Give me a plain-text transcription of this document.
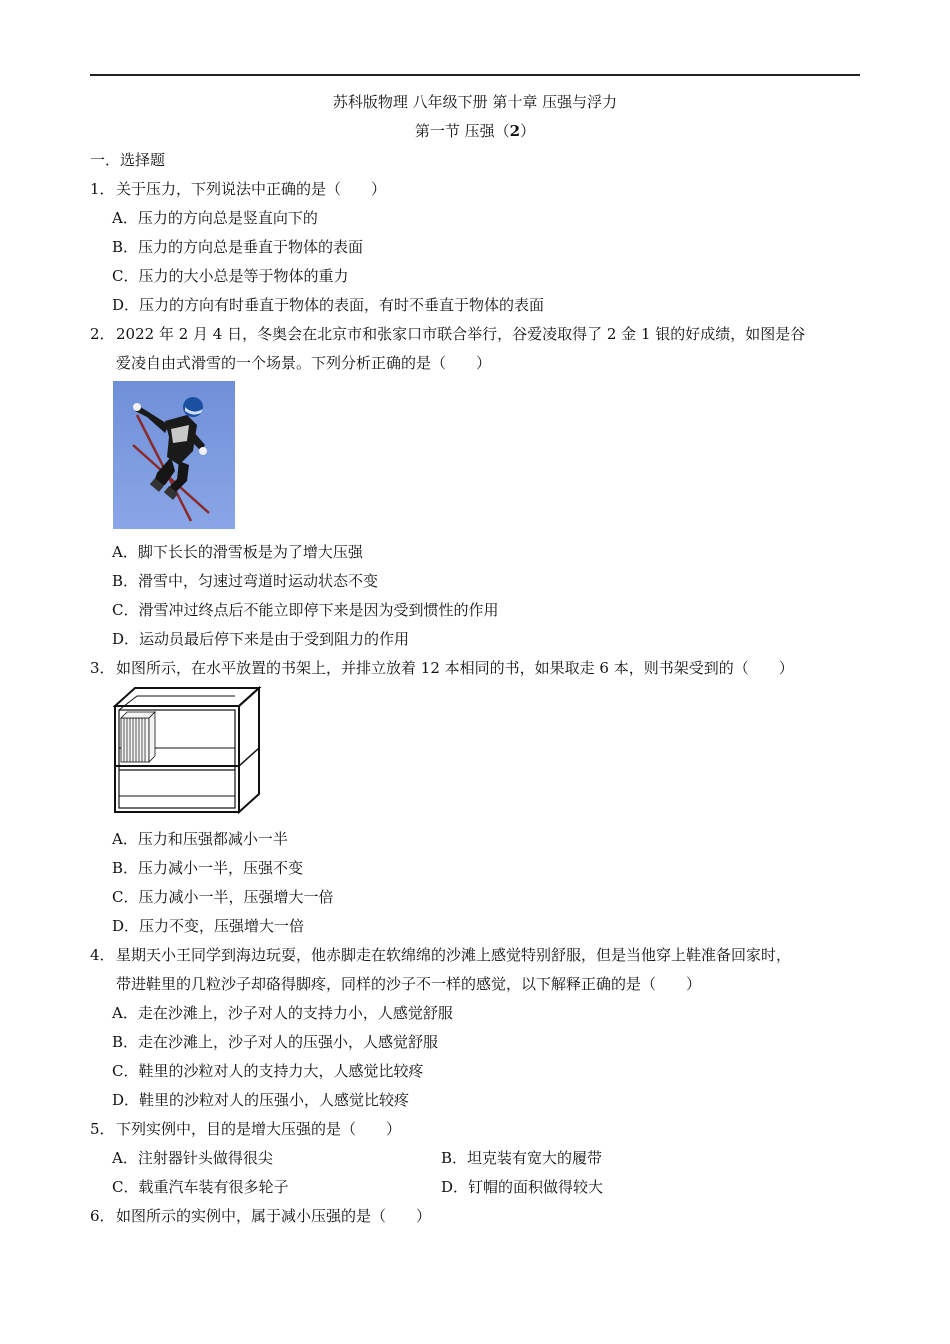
苏科版物理 八年级下册 第十章 压强与浮力
第一节 压强（2）
一．选择题
1．关于压力，下列说法中正确的是（　　）
A．压力的方向总是竖直向下的
B．压力的方向总是垂直于物体的表面
C．压力的大小总是等于物体的重力
D．压力的方向有时垂直于物体的表面，有时不垂直于物体的表面
2．2022 年 2 月 4 日，冬奥会在北京市和张家口市联合举行，谷爱凌取得了 2 金 1 银的好成绩，如图是谷
爱凌自由式滑雪的一个场景。下列分析正确的是（　　）
A．脚下长长的滑雪板是为了增大压强
B．滑雪中，匀速过弯道时运动状态不变
C．滑雪冲过终点后不能立即停下来是因为受到惯性的作用
D．运动员最后停下来是由于受到阻力的作用
3．如图所示，在水平放置的书架上，并排立放着 12 本相同的书，如果取走 6 本，则书架受到的（　　）
A．压力和压强都减小一半
B．压力减小一半，压强不变
C．压力减小一半，压强增大一倍
D．压力不变，压强增大一倍
4．星期天小王同学到海边玩耍，他赤脚走在软绵绵的沙滩上感觉特别舒服，但是当他穿上鞋准备回家时，
带进鞋里的几粒沙子却硌得脚疼，同样的沙子不一样的感觉，以下解释正确的是（　　）
A．走在沙滩上，沙子对人的支持力小，人感觉舒服
B．走在沙滩上，沙子对人的压强小，人感觉舒服
C．鞋里的沙粒对人的支持力大，人感觉比较疼
D．鞋里的沙粒对人的压强小，人感觉比较疼
5．下列实例中，目的是增大压强的是（　　）
A．注射器针头做得很尖	B．坦克装有宽大的履带
C．载重汽车装有很多轮子	D．钉帽的面积做得较大
6．如图所示的实例中，属于减小压强的是（　　）
